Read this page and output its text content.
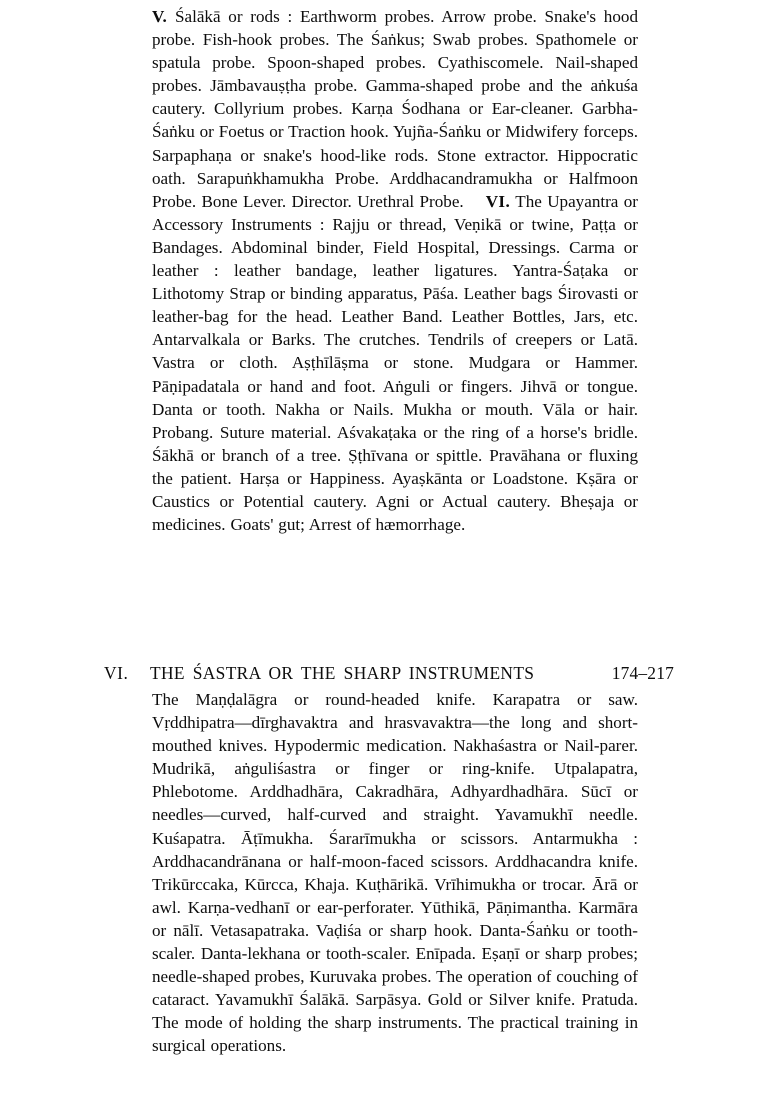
V. Śalākā or rods : Earthworm probes. Arrow probe. Snake's hood probe. Fish-hook probes. The Śaṅkus; Swab probes. Spathomele or spatula probe. Spoon-shaped probes. Cyathiscomele. Nail-shaped probes. Jāmbavauṣṭha probe. Gamma-shaped probe and the aṅkuśa cautery. Collyrium probes. Karṇa Śodhana or Ear-cleaner. Garbha-Śaṅku or Foetus or Traction hook. Yujña-Śaṅku or Midwifery forceps. Sarpaphaṇa or snake's hood-like rods. Stone extractor. Hippocratic oath. Sarapuṅkhamukha Probe. Arddhacandramukha or Halfmoon Probe. Bone Lever. Director. Urethral Probe. VI. The Upayantra or Accessory Instruments : Rajju or thread, Veṇikā or twine, Paṭṭa or Bandages. Abdominal binder, Field Hospital, Dressings. Carma or leather : leather bandage, leather ligatures. Yantra-Śaṭaka or Lithotomy Strap or binding apparatus, Pāśa. Leather bags Śirovasti or leather-bag for the head. Leather Band. Leather Bottles, Jars, etc. Antarvalkala or Barks. The crutches. Tendrils of creepers or Latā. Vastra or cloth. Aṣṭhīlāṣma or stone. Mudgara or Hammer. Pāṇipadatala or hand and foot. Aṅguli or fingers. Jihvā or tongue. Danta or tooth. Nakha or Nails. Mukha or mouth. Vāla or hair. Probang. Suture material. Aśvakaṭaka or the ring of a horse's bridle. Śākhā or branch of a tree. Ṣṭhīvana or spittle. Pravāhana or fluxing the patient. Harṣa or Happiness. Ayaṣkānta or Loadstone. Kṣāra or Caustics or Potential cautery. Agni or Actual cautery. Bheṣaja or medicines. Goats' gut; Arrest of hæmorrhage.

VI.	THE ŚASTRA OR THE SHARP INSTRUMENTS	174–217

The Maṇḍalāgra or round-headed knife. Karapatra or saw. Vṛddhipatra—dīrghavaktra and hrasvavaktra—the long and short-mouthed knives. Hypodermic medication. Nakhaśastra or Nail-parer. Mudrikā, aṅguliśastra or finger or ring-knife. Utpalapatra, Phlebotome. Arddhadhāra, Cakradhāra, Adhyardhadhāra. Sūcī or needles—curved, half-curved and straight. Yavamukhī needle. Kuśapatra. Āṭīmukha. Śararīmukha or scissors. Antarmukha : Arddhacandrānana or half-moon-faced scissors. Arddhacandra knife. Trikūrccaka, Kūrcca, Khaja. Kuṭhārikā. Vrīhimukha or trocar. Ārā or awl. Karṇa-vedhanī or ear-perforater. Yūthikā, Pāṇimantha. Karmāra or nālī. Vetasapatraka. Vaḍiśa or sharp hook. Danta-Śaṅku or tooth-scaler. Danta-lekhana or tooth-scaler. Enīpada. Eṣaṇī or sharp probes; needle-shaped probes, Kuruvaka probes. The operation of couching of cataract. Yavamukhī Śalākā. Sarpāsya. Gold or Silver knife. Pratuda. The mode of holding the sharp instruments. The practical training in surgical operations.
